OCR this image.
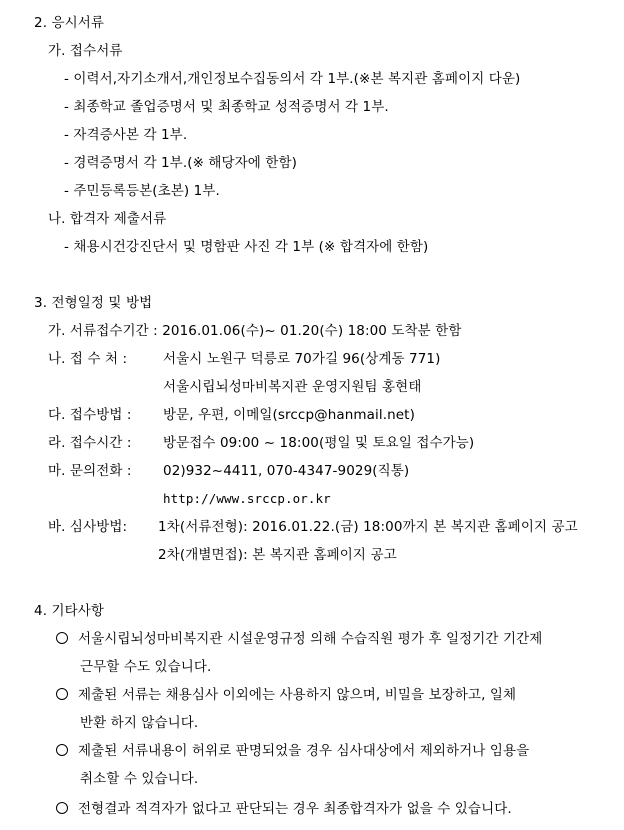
2. 응시서류
가. 접수서류
- 이력서,자기소개서,개인정보수집동의서 각 1부.(※본 복지관 홈페이지 다운)
- 최종학교 졸업증명서 및 최종학교 성적증명서 각 1부.
- 자격증사본 각 1부.
- 경력증명서 각 1부.(※ 해당자에 한함)
- 주민등록등본(초본) 1부.
나. 합격자 제출서류
- 채용시건강진단서 및 명함판 사진 각 1부 (※ 합격자에 한함)
3. 전형일정 및 방법
가. 서류접수기간 : 2016.01.06(수)~ 01.20(수) 18:00 도착분 한함
나. 접 수 처 :	서울시 노원구 덕릉로 70가길 96(상계동 771)
서울시립뇌성마비복지관 운영지원팀 홍현태
다. 접수방법 : 방문, 우편, 이메일(srccp@hanmail.net)
라. 접수시간 : 방문접수 09:00 ~ 18:00(평일 및 토요일 접수가능)
마. 문의전화 : 02)932~4411, 070-4347-9029(직통)
http://www.srccp.or.kr
바. 심사방법: 1차(서류전형): 2016.01.22.(금) 18:00까지 본 복지관 홈페이지 공고
2차(개별면접): 본 복지관 홈페이지 공고
4. 기타사항
서울시립뇌성마비복지관 시설운영규정 의해 수습직원 평가 후 일정기간 기간제
근무할 수도 있습니다.
제출된 서류는 채용심사 이외에는 사용하지 않으며, 비밀을 보장하고, 일체
반환 하지 않습니다.
제출된 서류내용이 허위로 판명되었을 경우 심사대상에서 제외하거나 임용을
취소할 수 있습니다.
전형결과 적격자가 없다고 판단되는 경우 최종합격자가 없을 수 있습니다.
